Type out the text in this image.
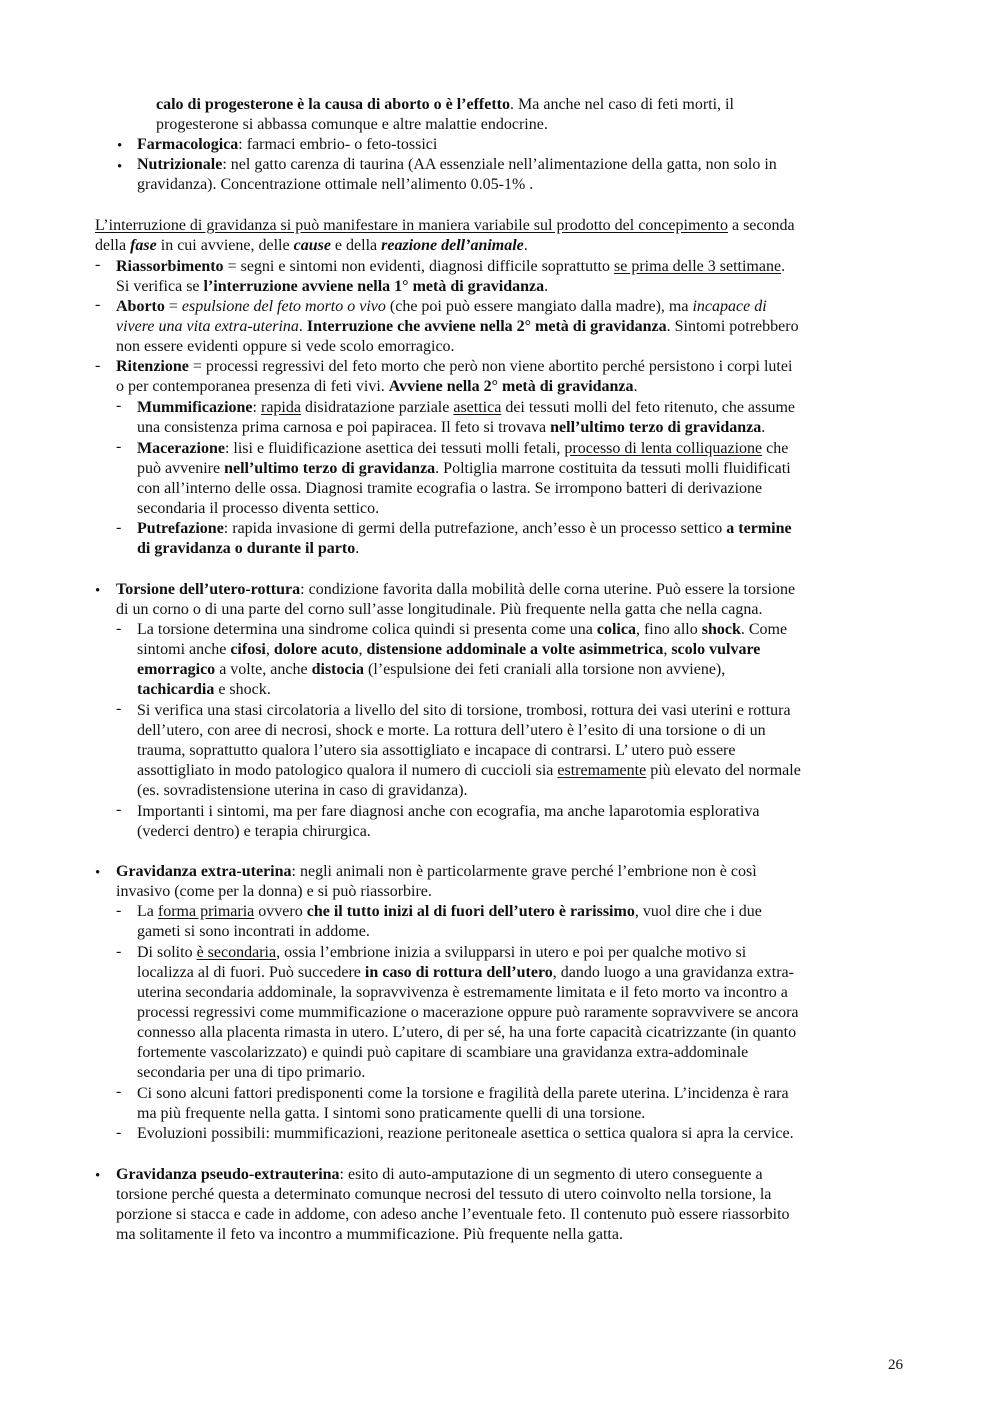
calo di progesterone è la causa di aborto o è l’effetto. Ma anche nel caso di feti morti, il
progesterone si abbassa comunque e altre malattie endocrine.
• Farmacologica: farmaci embrio- o feto-tossici
• Nutrizionale: nel gatto carenza di taurina (AA essenziale nell’alimentazione della gatta, non solo in
gravidanza). Concentrazione ottimale nell’alimento 0.05-1% .
L’interruzione di gravidanza si può manifestare in maniera variabile sul prodotto del concepimento a seconda
della fase in cui avviene, delle cause e della reazione dell’animale.
- Riassorbimento = segni e sintomi non evidenti, diagnosi difficile soprattutto se prima delle 3 settimane.
Si verifica se l’interruzione avviene nella 1° metà di gravidanza.
- Aborto = espulsione del feto morto o vivo (che poi può essere mangiato dalla madre), ma incapace di
vivere una vita extra-uterina. Interruzione che avviene nella 2° metà di gravidanza. Sintomi potrebbero
non essere evidenti oppure si vede scolo emorragico.
- Ritenzione = processi regressivi del feto morto che però non viene abortito perché persistono i corpi lutei
o per contemporanea presenza di feti vivi. Avviene nella 2° metà di gravidanza.
- Mummificazione: rapida disidratazione parziale asettica dei tessuti molli del feto ritenuto, che assume
una consistenza prima carnosa e poi papiracea. Il feto si trovava nell’ultimo terzo di gravidanza.
- Macerazione: lisi e fluidificazione asettica dei tessuti molli fetali, processo di lenta colliquazione che
può avvenire nell’ultimo terzo di gravidanza. Poltiglia marrone costituita da tessuti molli fluidificati
con all’interno delle ossa. Diagnosi tramite ecografia o lastra. Se irrompono batteri di derivazione
secondaria il processo diventa settico.
- Putrefazione: rapida invasione di germi della putrefazione, anch’esso è un processo settico a termine
di gravidanza o durante il parto.
• Torsione dell’utero-rottura: condizione favorita dalla mobilità delle corna uterine. Può essere la torsione
di un corno o di una parte del corno sull’asse longitudinale. Più frequente nella gatta che nella cagna.
- La torsione determina una sindrome colica quindi si presenta come una colica, fino allo shock. Come
sintomi anche cifosi, dolore acuto, distensione addominale a volte asimmetrica, scolo vulvare
emorragico a volte, anche distocia (l’espulsione dei feti craniali alla torsione non avviene),
tachicardia e shock.
- Si verifica una stasi circolatoria a livello del sito di torsione, trombosi, rottura dei vasi uterini e rottura
dell’utero, con aree di necrosi, shock e morte. La rottura dell’utero è l’esito di una torsione o di un
trauma, soprattutto qualora l’utero sia assottigliato e incapace di contrarsi. L’ utero può essere
assottigliato in modo patologico qualora il numero di cuccioli sia estremamente più elevato del normale
(es. sovradistensione uterina in caso di gravidanza).
- Importanti i sintomi, ma per fare diagnosi anche con ecografia, ma anche laparotomia esplorativa
(vederci dentro) e terapia chirurgica.
• Gravidanza extra-uterina: negli animali non è particolarmente grave perché l’embrione non è così
invasivo (come per la donna) e si può riassorbire.
- La forma primaria ovvero che il tutto inizi al di fuori dell’utero è rarissimo, vuol dire che i due
gameti si sono incontrati in addome.
- Di solito è secondaria, ossia l’embrione inizia a svilupparsi in utero e poi per qualche motivo si
localizza al di fuori. Può succedere in caso di rottura dell’utero, dando luogo a una gravidanza extra-
uterina secondaria addominale, la sopravvivenza è estremamente limitata e il feto morto va incontro a
processi regressivi come mummificazione o macerazione oppure può raramente sopravvivere se ancora
connesso alla placenta rimasta in utero. L’utero, di per sé, ha una forte capacità cicatrizzante (in quanto
fortemente vascolarizzato) e quindi può capitare di scambiare una gravidanza extra-addominale
secondaria per una di tipo primario.
- Ci sono alcuni fattori predisponenti come la torsione e fragilità della parete uterina. L’incidenza è rara
ma più frequente nella gatta. I sintomi sono praticamente quelli di una torsione.
- Evoluzioni possibili: mummificazioni, reazione peritoneale asettica o settica qualora si apra la cervice.
• Gravidanza pseudo-extrauterina: esito di auto-amputazione di un segmento di utero conseguente a
torsione perché questa a determinato comunque necrosi del tessuto di utero coinvolto nella torsione, la
porzione si stacca e cade in addome, con adeso anche l’eventuale feto. Il contenuto può essere riassorbito
ma solitamente il feto va incontro a mummificazione. Più frequente nella gatta.
26
